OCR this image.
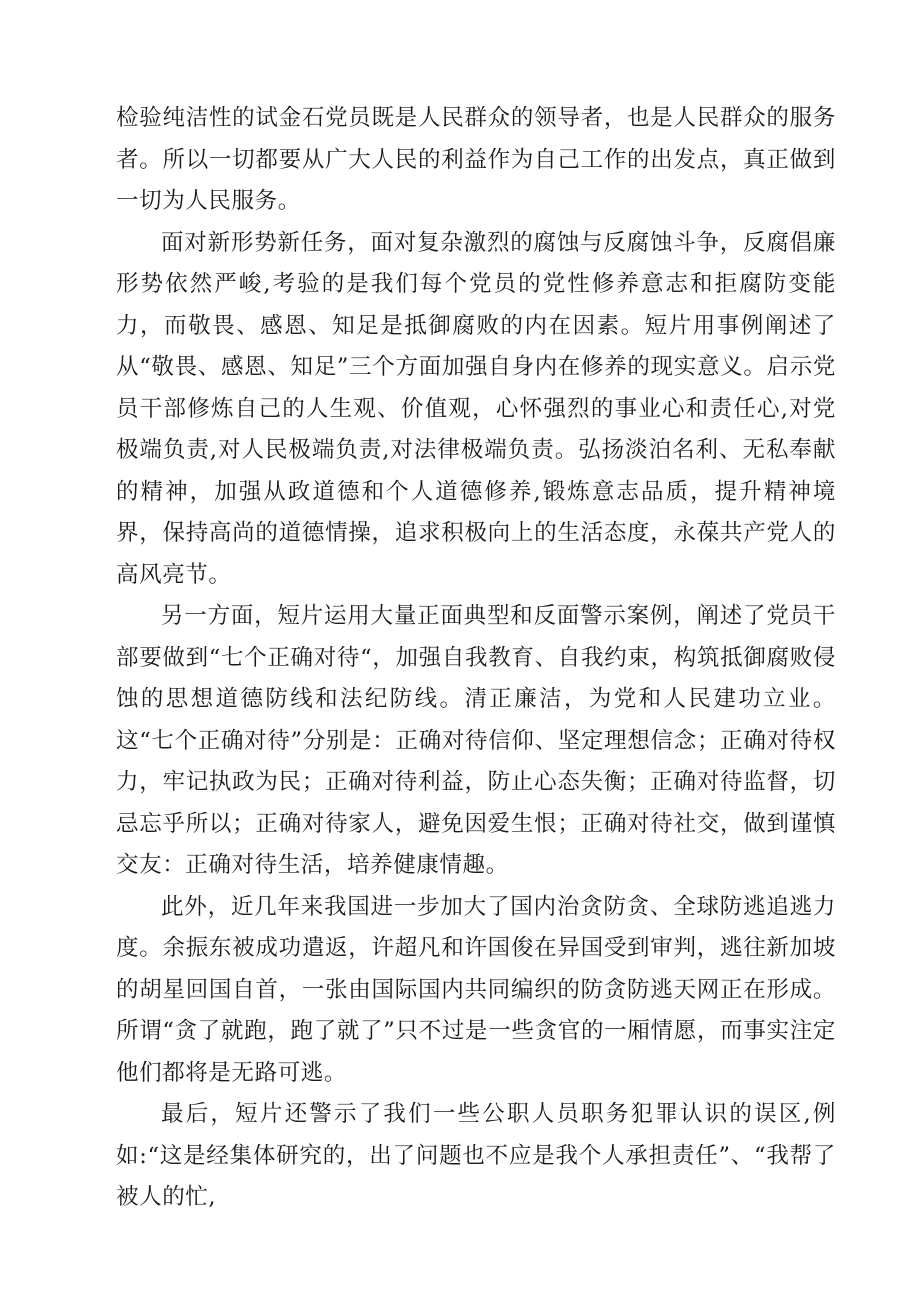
检验纯洁性的试金石党员既是人民群众的领导者，也是人民群众的服务者。所以一切都要从广大人民的利益作为自己工作的出发点，真正做到一切为人民服务。

面对新形势新任务，面对复杂激烈的腐蚀与反腐蚀斗争，反腐倡廉形势依然严峻,考验的是我们每个党员的党性修养意志和拒腐防变能力，而敬畏、感恩、知足是抵御腐败的内在因素。短片用事例阐述了从“敬畏、感恩、知足”三个方面加强自身内在修养的现实意义。启示党员干部修炼自己的人生观、价值观，心怀强烈的事业心和责任心,对党极端负责,对人民极端负责,对法律极端负责。弘扬淡泊名利、无私奉献的精神，加强从政道德和个人道德修养,锻炼意志品质，提升精神境界，保持高尚的道德情操，追求积极向上的生活态度，永葆共产党人的高风亮节。

另一方面，短片运用大量正面典型和反面警示案例，阐述了党员干部要做到“七个正确对待“，加强自我教育、自我约束，构筑抵御腐败侵蚀的思想道德防线和法纪防线。清正廉洁，为党和人民建功立业。这“七个正确对待”分别是：正确对待信仰、坚定理想信念；正确对待权力，牢记执政为民；正确对待利益，防止心态失衡；正确对待监督，切忌忘乎所以；正确对待家人，避免因爱生恨；正确对待社交，做到谨慎交友：正确对待生活，培养健康情趣。

此外，近几年来我国进一步加大了国内治贪防贪、全球防逃追逃力度。余振东被成功遣返，许超凡和许国俊在异国受到审判，逃往新加坡的胡星回国自首，一张由国际国内共同编织的防贪防逃天网正在形成。所谓“贪了就跑，跑了就了”只不过是一些贪官的一厢情愿，而事实注定他们都将是无路可逃。

最后，短片还警示了我们一些公职人员职务犯罪认识的误区,例如:“这是经集体研究的，出了问题也不应是我个人承担责任”、“我帮了被人的忙,
